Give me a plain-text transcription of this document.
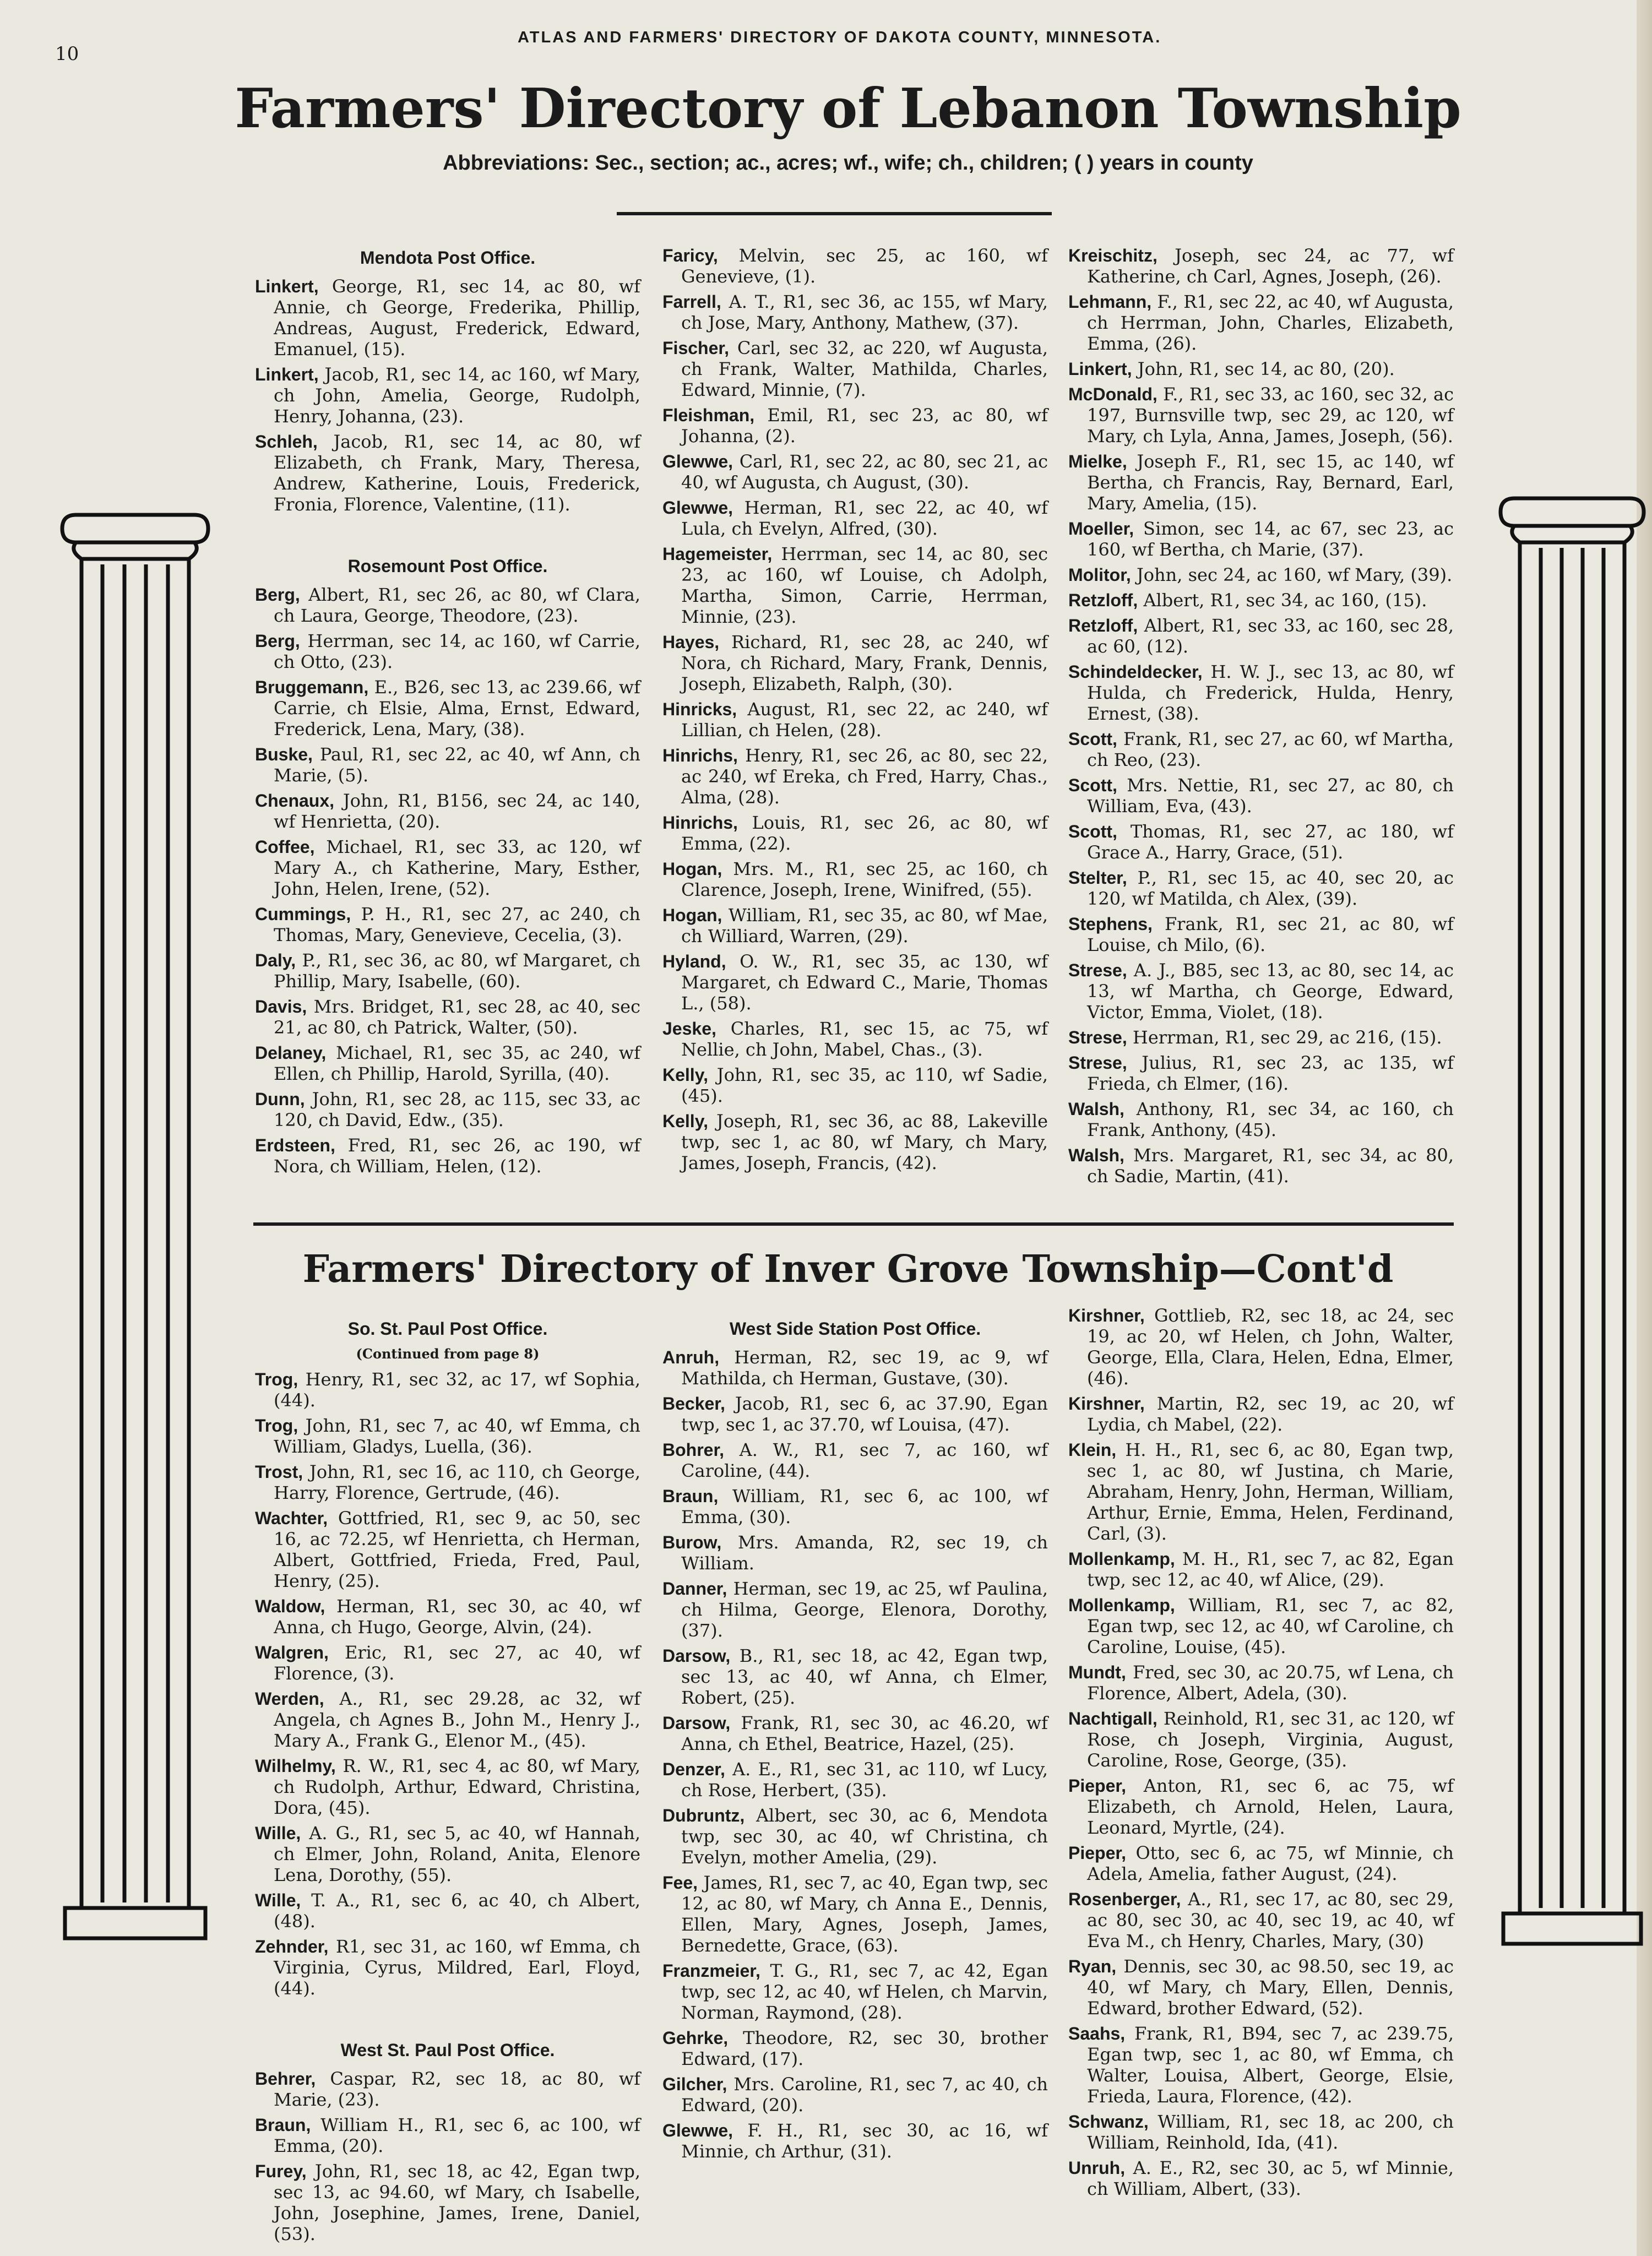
10
ATLAS AND FARMERS' DIRECTORY OF DAKOTA COUNTY, MINNESOTA.
Farmers' Directory of Lebanon Township
Abbreviations: Sec., section; ac., acres; wf., wife; ch., children; ( ) years in county
Mendota Post Office.

Linkert, George, R1, sec 14, ac 80, wf Annie, ch George, Frederika, Phillip, Andreas, August, Frederick, Edward, Emanuel, (15).

Linkert, Jacob, R1, sec 14, ac 160, wf Mary, ch John, Amelia, George, Rudolph, Henry, Johanna, (23).

Schleh, Jacob, R1, sec 14, ac 80, wf Elizabeth, ch Frank, Mary, Theresa, Andrew, Katherine, Louis, Frederick, Fronia, Florence, Valentine, (11).

Rosemount Post Office.

Berg, Albert, R1, sec 26, ac 80, wf Clara, ch Laura, George, Theodore, (23).

Berg, Herrman, sec 14, ac 160, wf Carrie, ch Otto, (23).

Bruggemann, E., B26, sec 13, ac 239.66, wf Carrie, ch Elsie, Alma, Ernst, Edward, Frederick, Lena, Mary, (38).

Buske, Paul, R1, sec 22, ac 40, wf Ann, ch Marie, (5).

Chenaux, John, R1, B156, sec 24, ac 140, wf Henrietta, (20).

Coffee, Michael, R1, sec 33, ac 120, wf Mary A., ch Katherine, Mary, Esther, John, Helen, Irene, (52).

Cummings, P. H., R1, sec 27, ac 240, ch Thomas, Mary, Genevieve, Cecelia, (3).

Daly, P., R1, sec 36, ac 80, wf Margaret, ch Phillip, Mary, Isabelle, (60).

Davis, Mrs. Bridget, R1, sec 28, ac 40, sec 21, ac 80, ch Patrick, Walter, (50).

Delaney, Michael, R1, sec 35, ac 240, wf Ellen, ch Phillip, Harold, Syrilla, (40).

Dunn, John, R1, sec 28, ac 115, sec 33, ac 120, ch David, Edw., (35).

Erdsteen, Fred, R1, sec 26, ac 190, wf Nora, ch William, Helen, (12).

Faricy, Melvin, sec 25, ac 160, wf Genevieve, (1).

Farrell, A. T., R1, sec 36, ac 155, wf Mary, ch Jose, Mary, Anthony, Mathew, (37).

Fischer, Carl, sec 32, ac 220, wf Augusta, ch Frank, Walter, Mathilda, Charles, Edward, Minnie, (7).

Fleishman, Emil, R1, sec 23, ac 80, wf Johanna, (2).

Glewwe, Carl, R1, sec 22, ac 80, sec 21, ac 40, wf Augusta, ch August, (30).

Glewwe, Herman, R1, sec 22, ac 40, wf Lula, ch Evelyn, Alfred, (30).

Hagemeister, Herrman, sec 14, ac 80, sec 23, ac 160, wf Louise, ch Adolph, Martha, Simon, Carrie, Herrman, Minnie, (23).

Hayes, Richard, R1, sec 28, ac 240, wf Nora, ch Richard, Mary, Frank, Dennis, Joseph, Elizabeth, Ralph, (30).

Hinricks, August, R1, sec 22, ac 240, wf Lillian, ch Helen, (28).

Hinrichs, Henry, R1, sec 26, ac 80, sec 22, ac 240, wf Ereka, ch Fred, Harry, Chas., Alma, (28).

Hinrichs, Louis, R1, sec 26, ac 80, wf Emma, (22).

Hogan, Mrs. M., R1, sec 25, ac 160, ch Clarence, Joseph, Irene, Winifred, (55).

Hogan, William, R1, sec 35, ac 80, wf Mae, ch Williard, Warren, (29).

Hyland, O. W., R1, sec 35, ac 130, wf Margaret, ch Edward C., Marie, Thomas L., (58).

Jeske, Charles, R1, sec 15, ac 75, wf Nellie, ch John, Mabel, Chas., (3).

Kelly, John, R1, sec 35, ac 110, wf Sadie, (45).

Kelly, Joseph, R1, sec 36, ac 88, Lakeville twp, sec 1, ac 80, wf Mary, ch Mary, James, Joseph, Francis, (42).

Kreischitz, Joseph, sec 24, ac 77, wf Katherine, ch Carl, Agnes, Joseph, (26).

Lehmann, F., R1, sec 22, ac 40, wf Augusta, ch Herrman, John, Charles, Elizabeth, Emma, (26).

Linkert, John, R1, sec 14, ac 80, (20).

McDonald, F., R1, sec 33, ac 160, sec 32, ac 197, Burnsville twp, sec 29, ac 120, wf Mary, ch Lyla, Anna, James, Joseph, (56).

Mielke, Joseph F., R1, sec 15, ac 140, wf Bertha, ch Francis, Ray, Bernard, Earl, Mary, Amelia, (15).

Moeller, Simon, sec 14, ac 67, sec 23, ac 160, wf Bertha, ch Marie, (37).

Molitor, John, sec 24, ac 160, wf Mary, (39).

Retzloff, Albert, R1, sec 34, ac 160, (15).

Retzloff, Albert, R1, sec 33, ac 160, sec 28, ac 60, (12).

Schindeldecker, H. W. J., sec 13, ac 80, wf Hulda, ch Frederick, Hulda, Henry, Ernest, (38).

Scott, Frank, R1, sec 27, ac 60, wf Martha, ch Reo, (23).

Scott, Mrs. Nettie, R1, sec 27, ac 80, ch William, Eva, (43).

Scott, Thomas, R1, sec 27, ac 180, wf Grace A., Harry, Grace, (51).

Stelter, P., R1, sec 15, ac 40, sec 20, ac 120, wf Matilda, ch Alex, (39).

Stephens, Frank, R1, sec 21, ac 80, wf Louise, ch Milo, (6).

Strese, A. J., B85, sec 13, ac 80, sec 14, ac 13, wf Martha, ch George, Edward, Victor, Emma, Violet, (18).

Strese, Herrman, R1, sec 29, ac 216, (15).

Strese, Julius, R1, sec 23, ac 135, wf Frieda, ch Elmer, (16).

Walsh, Anthony, R1, sec 34, ac 160, ch Frank, Anthony, (45).

Walsh, Mrs. Margaret, R1, sec 34, ac 80, ch Sadie, Martin, (41).

Farmers' Directory of Inver Grove Township—Cont'd
So. St. Paul Post Office.
(Continued from page 8)

Trog, Henry, R1, sec 32, ac 17, wf Sophia, (44).

Trog, John, R1, sec 7, ac 40, wf Emma, ch William, Gladys, Luella, (36).

Trost, John, R1, sec 16, ac 110, ch George, Harry, Florence, Gertrude, (46).

Wachter, Gottfried, R1, sec 9, ac 50, sec 16, ac 72.25, wf Henrietta, ch Herman, Albert, Gottfried, Frieda, Fred, Paul, Henry, (25).

Waldow, Herman, R1, sec 30, ac 40, wf Anna, ch Hugo, George, Alvin, (24).

Walgren, Eric, R1, sec 27, ac 40, wf Florence, (3).

Werden, A., R1, sec 29.28, ac 32, wf Angela, ch Agnes B., John M., Henry J., Mary A., Frank G., Elenor M., (45).

Wilhelmy, R. W., R1, sec 4, ac 80, wf Mary, ch Rudolph, Arthur, Edward, Christina, Dora, (45).

Wille, A. G., R1, sec 5, ac 40, wf Hannah, ch Elmer, John, Roland, Anita, Elenore Lena, Dorothy, (55).

Wille, T. A., R1, sec 6, ac 40, ch Albert, (48).

Zehnder, R1, sec 31, ac 160, wf Emma, ch Virginia, Cyrus, Mildred, Earl, Floyd, (44).

West St. Paul Post Office.

Behrer, Caspar, R2, sec 18, ac 80, wf Marie, (23).

Braun, William H., R1, sec 6, ac 100, wf Emma, (20).

Furey, John, R1, sec 18, ac 42, Egan twp, sec 13, ac 94.60, wf Mary, ch Isabelle, John, Josephine, James, Irene, Daniel, (53).

West Side Station Post Office.

Anruh, Herman, R2, sec 19, ac 9, wf Mathilda, ch Herman, Gustave, (30).

Becker, Jacob, R1, sec 6, ac 37.90, Egan twp, sec 1, ac 37.70, wf Louisa, (47).

Bohrer, A. W., R1, sec 7, ac 160, wf Caroline, (44).

Braun, William, R1, sec 6, ac 100, wf Emma, (30).

Burow, Mrs. Amanda, R2, sec 19, ch William.

Danner, Herman, sec 19, ac 25, wf Paulina, ch Hilma, George, Elenora, Dorothy, (37).

Darsow, B., R1, sec 18, ac 42, Egan twp, sec 13, ac 40, wf Anna, ch Elmer, Robert, (25).

Darsow, Frank, R1, sec 30, ac 46.20, wf Anna, ch Ethel, Beatrice, Hazel, (25).

Denzer, A. E., R1, sec 31, ac 110, wf Lucy, ch Rose, Herbert, (35).

Dubruntz, Albert, sec 30, ac 6, Mendota twp, sec 30, ac 40, wf Christina, ch Evelyn, mother Amelia, (29).

Fee, James, R1, sec 7, ac 40, Egan twp, sec 12, ac 80, wf Mary, ch Anna E., Dennis, Ellen, Mary, Agnes, Joseph, James, Bernedette, Grace, (63).

Franzmeier, T. G., R1, sec 7, ac 42, Egan twp, sec 12, ac 40, wf Helen, ch Marvin, Norman, Raymond, (28).

Gehrke, Theodore, R2, sec 30, brother Edward, (17).

Gilcher, Mrs. Caroline, R1, sec 7, ac 40, ch Edward, (20).

Glewwe, F. H., R1, sec 30, ac 16, wf Minnie, ch Arthur, (31).

Kirshner, Gottlieb, R2, sec 18, ac 24, sec 19, ac 20, wf Helen, ch John, Walter, George, Ella, Clara, Helen, Edna, Elmer, (46).

Kirshner, Martin, R2, sec 19, ac 20, wf Lydia, ch Mabel, (22).

Klein, H. H., R1, sec 6, ac 80, Egan twp, sec 1, ac 80, wf Justina, ch Marie, Abraham, Henry, John, Herman, William, Arthur, Ernie, Emma, Helen, Ferdinand, Carl, (3).

Mollenkamp, M. H., R1, sec 7, ac 82, Egan twp, sec 12, ac 40, wf Alice, (29).

Mollenkamp, William, R1, sec 7, ac 82, Egan twp, sec 12, ac 40, wf Caroline, ch Caroline, Louise, (45).

Mundt, Fred, sec 30, ac 20.75, wf Lena, ch Florence, Albert, Adela, (30).

Nachtigall, Reinhold, R1, sec 31, ac 120, wf Rose, ch Joseph, Virginia, August, Caroline, Rose, George, (35).

Pieper, Anton, R1, sec 6, ac 75, wf Elizabeth, ch Arnold, Helen, Laura, Leonard, Myrtle, (24).

Pieper, Otto, sec 6, ac 75, wf Minnie, ch Adela, Amelia, father August, (24).

Rosenberger, A., R1, sec 17, ac 80, sec 29, ac 80, sec 30, ac 40, sec 19, ac 40, wf Eva M., ch Henry, Charles, Mary, (30)

Ryan, Dennis, sec 30, ac 98.50, sec 19, ac 40, wf Mary, ch Mary, Ellen, Dennis, Edward, brother Edward, (52).

Saahs, Frank, R1, B94, sec 7, ac 239.75, Egan twp, sec 1, ac 80, wf Emma, ch Walter, Louisa, Albert, George, Elsie, Frieda, Laura, Florence, (42).

Schwanz, William, R1, sec 18, ac 200, ch William, Reinhold, Ida, (41).

Unruh, A. E., R2, sec 30, ac 5, wf Minnie, ch William, Albert, (33).
